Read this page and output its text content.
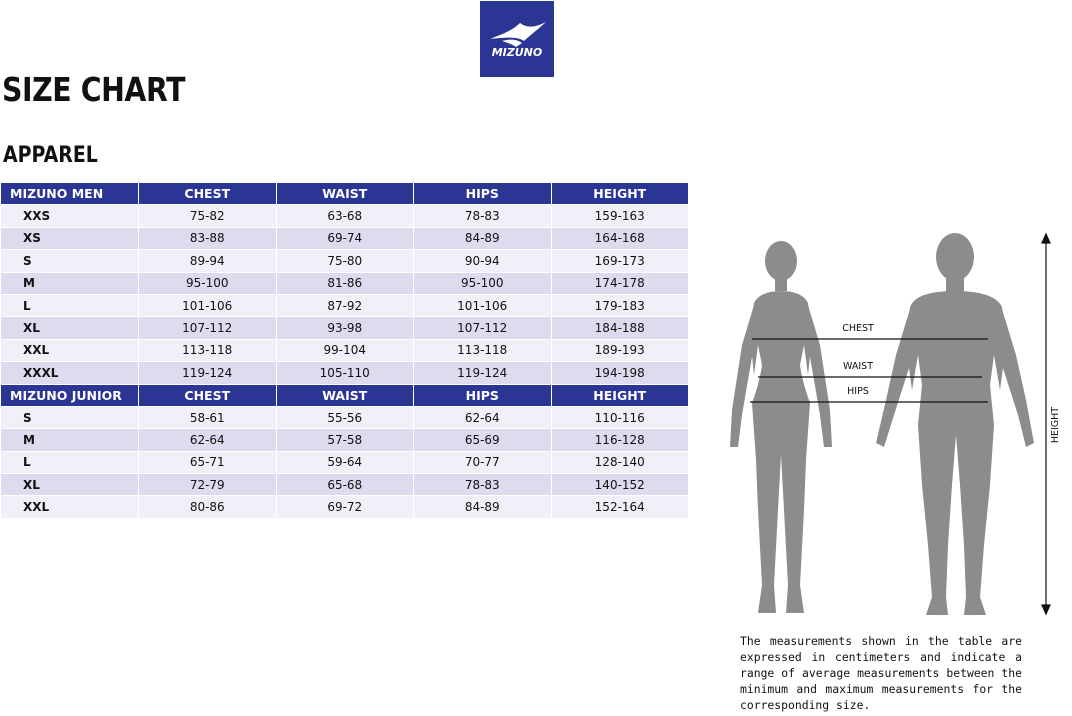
MIZUNO
SIZE CHART
APPAREL
MIZUNO MEN	CHEST	WAIST	HIPS	HEIGHT
XXS	75-82	63-68	78-83	159-163
XS	83-88	69-74	84-89	164-168
S	89-94	75-80	90-94	169-173
M	95-100	81-86	95-100	174-178
L	101-106	87-92	101-106	179-183
XL	107-112	93-98	107-112	184-188
XXL	113-118	99-104	113-118	189-193
XXXL	119-124	105-110	119-124	194-198
MIZUNO JUNIOR	CHEST	WAIST	HIPS	HEIGHT
S	58-61	55-56	62-64	110-116
M	62-64	57-58	65-69	116-128
L	65-71	59-64	70-77	128-140
XL	72-79	65-68	78-83	140-152
XXL	80-86	69-72	84-89	152-164
CHEST
WAIST
HIPS
HEIGHT

The measurements shown in the table are expressed in centimeters and indicate a range of average measurements between the minimum and maximum measurements for the corresponding size.
